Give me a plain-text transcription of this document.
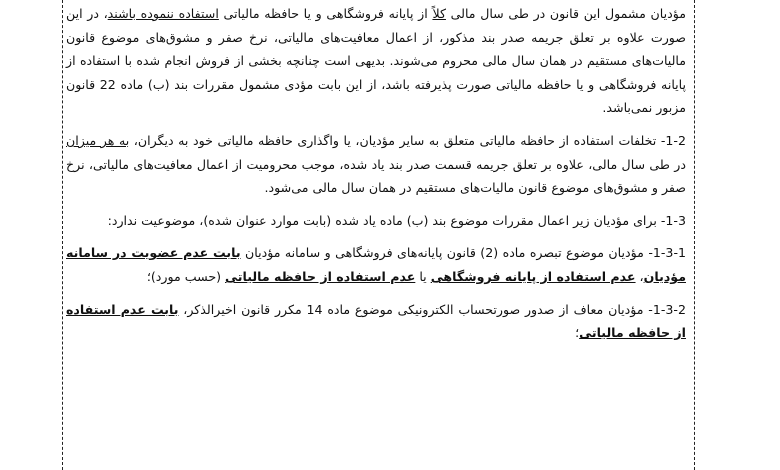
مؤدیان مشمول این قانون در طی سال مالی کلاً از پایانه فروشگاهی و یا حافظه مالیاتی استفاده ننموده باشند، در این صورت علاوه بر تعلق جریمه صدر بند مذکور، از اعمال معافیت‌های مالیاتی، نرخ صفر و مشوق‌های موضوع قانون مالیات‌های مستقیم در همان سال مالی محروم می‌شوند. بدیهی است چنانچه بخشی از فروش انجام شده با استفاده از پایانه فروشگاهی و یا حافظه مالیاتی صورت پذیرفته باشد، از این بابت مؤدی مشمول مقررات بند (ب) ماده 22 قانون مزبور نمی‌باشد.

1-2- تخلفات استفاده از حافظه مالیاتی متعلق به سایر مؤدیان، یا واگذاری حافظه مالیاتی خود به دیگران، به هر میزان در طی سال مالی، علاوه بر تعلق جریمه قسمت صدر بند یاد شده، موجب محرومیت از اعمال معافیت‌های مالیاتی، نرخ صفر و مشوق‌های موضوع قانون مالیات‌های مستقیم در همان سال مالی می‌شود.

1-3- برای مؤدیان زیر اعمال مقررات موضوع بند (ب) ماده یاد شده (بابت موارد عنوان شده)، موضوعیت ندارد:

1-3-1- مؤدیان موضوع تبصره ماده (2) قانون پایانه‌های فروشگاهی و سامانه مؤدیان بابت عدم عضویت در سامانه مؤدیان، عدم استفاده از پایانه فروشگاهی یا عدم استفاده از حافظه مالیاتی (حسب مورد)؛

1-3-2- مؤدیان معاف از صدور صورتحساب الکترونیکی موضوع ماده 14 مکرر قانون اخیرالذکر، بابت عدم استفاده از حافظه مالیاتی؛
